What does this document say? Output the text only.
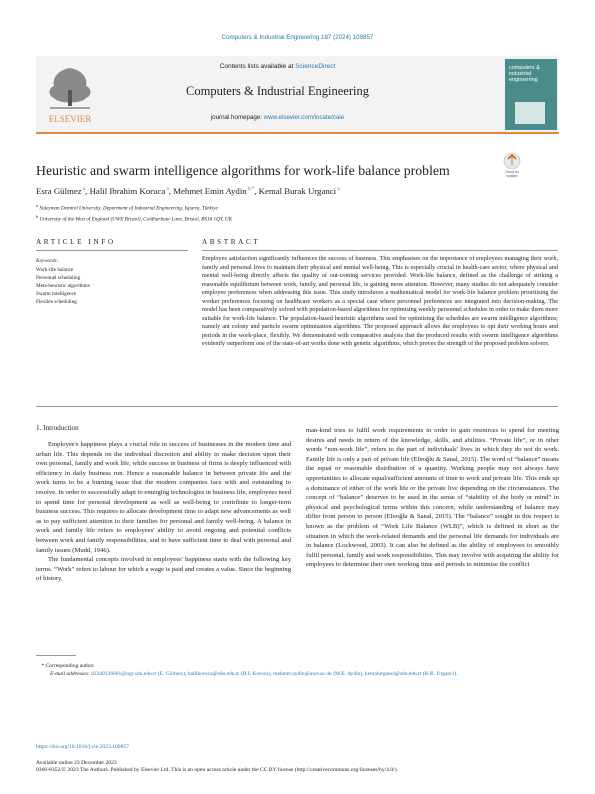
Computers & Industrial Engineering 187 (2024) 109857
ELSEVIER
Contents lists available at ScienceDirect
Computers & Industrial Engineering
journal homepage: www.elsevier.com/locate/caie
computers & industrial engineering
Heuristic and swarm intelligence algorithms for work-life balance problem	Check for updates
Esra Gülmez $^a$, Halil Ibrahim Koruca $^a$, Mehmet Emin Aydin $^{b,*}$, Kemal Burak Urganci $^a$
$^a$ Suleyman Demirel University, Department of Industrial Engineering, Isparta, Türkiye
$^b$ University of the West of England (UWE Bristol), Coldharbour Lane, Bristol, BS16 1QY, UK
ARTICLE INFO	ABSTRACT
Keywords:
Work-life balance
Personnel scheduling
Meta-heuristic algorithms
Swarm intelligence
Flexible scheduling
Employee satisfaction significantly influences the success of business. This emphasises on the importance of employees managing their work, family and personal lives to maintain their physical and mental well-being. This is especially crucial in health-care sector, where physical and mental well-being directly affects the quality of out-coming services provided. Work-life balance, defined as the challenge of striking a reasonable equilibrium between work, family, and personal life, is gaining more attention. However, many studies do not adequately consider employee preferences when addressing this issue. This study introduces a mathematical model for work-life balance problem prioritising the worker preferences focusing on healthcare workers as a special case where personnel preferences are integrated into decision-making. The model has been comparatively solved with population-based algorithms for optimising weekly personnel schedules in order to make them more suitable for work-life balance. The population-based heuristic algorithms used for optimising the schedules are swarm intelligence algorithms; namely ant colony and particle swarm optimisation algorithms. The proposed approach allows the employees to opt their working hours and periods in the work-place, flexibly. We demonstrated with comparative analysis that the produced results with swarm intelligence algorithms evidently outperform one of the state-of-art works done with genetic algorithms, which proves the strength of the proposed problem solvers.
1. Introduction

Employee's happiness plays a crucial role in success of businesses in the modern time and urban life. This depends on the individual discretion and ability to make decision upon their own personal, family and work life, while success in business of firms is deeply influenced with efficiency in daily business run. Hence a reasonable balance in between private life and the work turns to be a burning issue that the modern companies face with and outstanding to resolve. In order to successfully adapt to emerging technologies in business life, employees need to spend time for personal development as well as well-being to contribute to longer-term business success. This requires to allocate development time to adapt new advancements as well as to pay sufficient attention to their families for personal and family well-being. A balance in work and family life refers to employees' ability to avoid ongoing and potential conflicts between work and family responsibilities, and to have sufficient time to deal with personal and family issues (Mudd, 1946).

The fundamental concepts involved in employees' happiness starts with the following key terms. “Work” refers to labour for which a wage is paid and creates a value. Since the beginning of history,

man-kind tries to fulfil work requirements in order to gain resources to spend for meeting desires and needs in return of the knowledge, skills, and abilities. “Private life”, or in other words “non-work life”, refers to the part of individuals' lives in which they do not do work. Family life is only a part of private life (Efeoğlu & Sanal, 2015). The word of “balance” means the equal or reasonable distribution of a quantity. Working people may not always have opportunities to allocate equal/sufficient amounts of time to work and private life. This ends up a dominance of either of the work life or the private live depending on the circumstances. The concept of “balance” deserves to be used in the sense of “stability of the body or mind” in physical and psychological terms within this concern, while understanding of balance may differ from person to person (Efeoğlu & Sanal, 2015). The “balance” sought in this respect is known as the problem of “Work Life Balance (WLB)”, which is defined in short as the situation in which the work-related demands and the personal life demands for individuals are in balance (Lockwood, 2003). It can also be defined as the ability of employees to smoothly fulfil personal, family and work responsibilities. This may involve with acquiring the ability for employees to determine their own working time and periods to minimise the conflict

* Corresponding author.
E-mail addresses: d2340136001@ogr.sdu.edu.tr (E. Gülmez), halilkoruca@sdu.edu.tr (H.I. Koruca), mehmet.aydin@uwe.ac.uk (M.E. Aydin), kemalurganci@sdu.edu.tr (K.B. Urganci).
https://doi.org/10.1016/j.cie.2023.109857

Available online 23 December 2023
0360-8352/© 2023 The Authors. Published by Elsevier Ltd. This is an open access article under the CC BY license (http://creativecommons.org/licenses/by/4.0/).
